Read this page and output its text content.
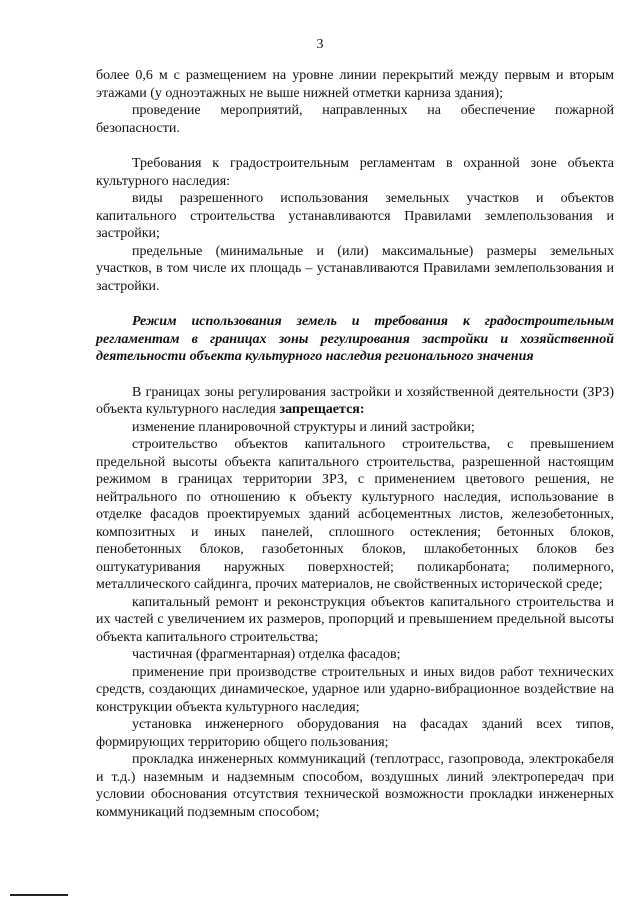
3

более 0,6 м с размещением на уровне линии перекрытий между первым и вторым этажами (у одноэтажных не выше нижней отметки карниза здания);

проведение мероприятий, направленных на обеспечение пожарной безопасности.

Требования к градостроительным регламентам в охранной зоне объекта культурного наследия:

виды разрешенного использования земельных участков и объектов капитального строительства устанавливаются Правилами землепользования и застройки;

предельные (минимальные и (или) максимальные) размеры земельных участков, в том числе их площадь – устанавливаются Правилами землепользования и застройки.

Режим использования земель и требования к градостроительным регламентам в границах зоны регулирования застройки и хозяйственной деятельности объекта культурного наследия регионального значения

В границах зоны регулирования застройки и хозяйственной деятельности (ЗРЗ) объекта культурного наследия запрещается:

изменение планировочной структуры и линий застройки;

строительство объектов капитального строительства, с превышением предельной высоты объекта капитального строительства, разрешенной настоящим режимом в границах территории ЗРЗ, с применением цветового решения, не нейтрального по отношению к объекту культурного наследия, использование в отделке фасадов проектируемых зданий асбоцементных листов, железобетонных, композитных и иных панелей, сплошного остекления; бетонных блоков, пенобетонных блоков, газобетонных блоков, шлакобетонных блоков без оштукатуривания наружных поверхностей; поликарбоната; полимерного, металлического сайдинга, прочих материалов, не свойственных исторической среде;

капитальный ремонт и реконструкция объектов капитального строительства и их частей с увеличением их размеров, пропорций и превышением предельной высоты объекта капитального строительства;

частичная (фрагментарная) отделка фасадов;

применение при производстве строительных и иных видов работ технических средств, создающих динамическое, ударное или ударно-вибрационное воздействие на конструкции объекта культурного наследия;

установка инженерного оборудования на фасадах зданий всех типов, формирующих территорию общего пользования;

прокладка инженерных коммуникаций (теплотрасс, газопровода, электрокабеля и т.д.) наземным и надземным способом, воздушных линий электропередач при условии обоснования отсутствия технической возможности прокладки инженерных коммуникаций подземным способом;
